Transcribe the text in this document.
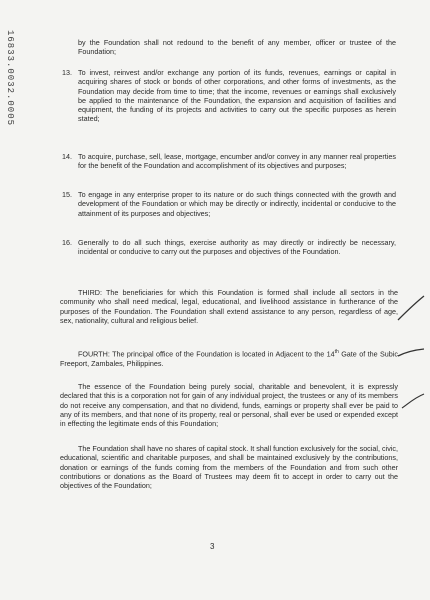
16833.0032.0005	by the Foundation shall not redound to the benefit of any member, officer or trustee of the Foundation;

13. To invest, reinvest and/or exchange any portion of its funds, revenues, earnings or capital in acquiring shares of stock or bonds of other corporations, and other forms of investments, as the Foundation may decide from time to time; that the income, revenues or earnings shall exclusively be applied to the maintenance of the Foundation, the expansion and acquisition of facilities and equipment, the funding of its projects and activities to carry out the specific purposes as herein stated;

14. To acquire, purchase, sell, lease, mortgage, encumber and/or convey in any manner real properties for the benefit of the Foundation and accomplishment of its objectives and purposes;

15. To engage in any enterprise proper to its nature or do such things connected with the growth and development of the Foundation or which may be directly or indirectly, incidental or conducive to the attainment of its purposes and objectives;

16. Generally to do all such things, exercise authority as may directly or indirectly be necessary, incidental or conducive to carry out the purposes and objectives of the Foundation.

THIRD: The beneficiaries for which this Foundation is formed shall include all sectors in the community who shall need medical, legal, educational, and livelihood assistance in furtherance of the purposes of the Foundation. The Foundation shall extend assistance to any person, regardless of age, sex, nationality, cultural and religious belief.

FOURTH: The principal office of the Foundation is located in Adjacent to the 14th Gate of the Subic Freeport, Zambales, Philippines.

The essence of the Foundation being purely social, charitable and benevolent, it is expressly declared that this is a corporation not for gain of any individual project, the trustees or any of its members do not receive any compensation, and that no dividend, funds, earnings or property shall ever be paid to any of its members, and that none of its property, real or personal, shall ever be used or expended except in effecting the legitimate ends of this Foundation;

The Foundation shall have no shares of capital stock. It shall function exclusively for the social, civic, educational, scientific and charitable purposes, and shall be maintained exclusively by the contributions, donation or earnings of the funds coming from the members of the Foundation and from such other contributions or donations as the Board of Trustees may deem fit to accept in order to carry out the objectives of the Foundation;

3
